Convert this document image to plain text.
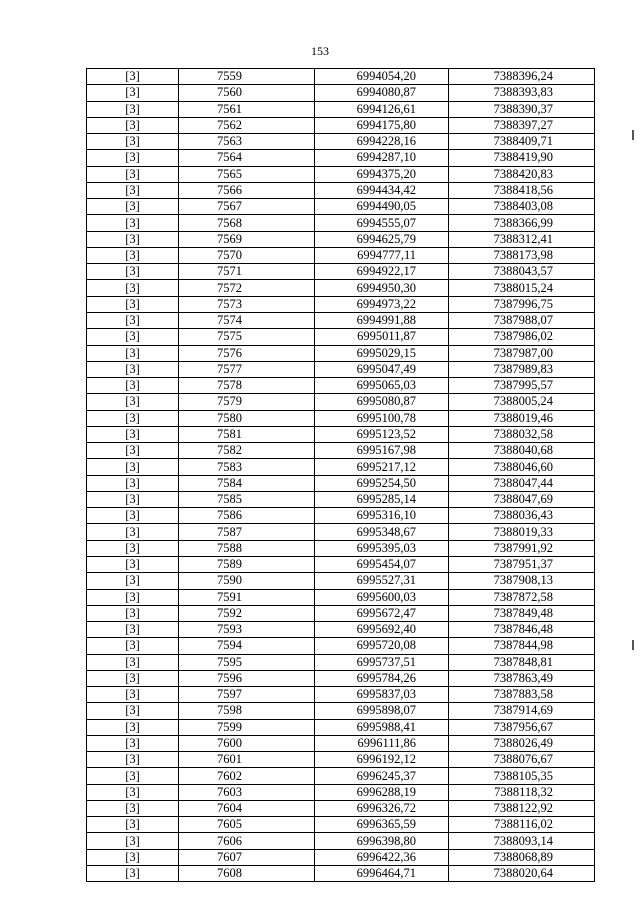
153
[3]	7559	6994054,20	7388396,24
[3]	7560	6994080,87	7388393,83
[3]	7561	6994126,61	7388390,37
[3]	7562	6994175,80	7388397,27
[3]	7563	6994228,16	7388409,71
[3]	7564	6994287,10	7388419,90
[3]	7565	6994375,20	7388420,83
[3]	7566	6994434,42	7388418,56
[3]	7567	6994490,05	7388403,08
[3]	7568	6994555,07	7388366,99
[3]	7569	6994625,79	7388312,41
[3]	7570	6994777,11	7388173,98
[3]	7571	6994922,17	7388043,57
[3]	7572	6994950,30	7388015,24
[3]	7573	6994973,22	7387996,75
[3]	7574	6994991,88	7387988,07
[3]	7575	6995011,87	7387986,02
[3]	7576	6995029,15	7387987,00
[3]	7577	6995047,49	7387989,83
[3]	7578	6995065,03	7387995,57
[3]	7579	6995080,87	7388005,24
[3]	7580	6995100,78	7388019,46
[3]	7581	6995123,52	7388032,58
[3]	7582	6995167,98	7388040,68
[3]	7583	6995217,12	7388046,60
[3]	7584	6995254,50	7388047,44
[3]	7585	6995285,14	7388047,69
[3]	7586	6995316,10	7388036,43
[3]	7587	6995348,67	7388019,33
[3]	7588	6995395,03	7387991,92
[3]	7589	6995454,07	7387951,37
[3]	7590	6995527,31	7387908,13
[3]	7591	6995600,03	7387872,58
[3]	7592	6995672,47	7387849,48
[3]	7593	6995692,40	7387846,48
[3]	7594	6995720,08	7387844,98
[3]	7595	6995737,51	7387848,81
[3]	7596	6995784,26	7387863,49
[3]	7597	6995837,03	7387883,58
[3]	7598	6995898,07	7387914,69
[3]	7599	6995988,41	7387956,67
[3]	7600	6996111,86	7388026,49
[3]	7601	6996192,12	7388076,67
[3]	7602	6996245,37	7388105,35
[3]	7603	6996288,19	7388118,32
[3]	7604	6996326,72	7388122,92
[3]	7605	6996365,59	7388116,02
[3]	7606	6996398,80	7388093,14
[3]	7607	6996422,36	7388068,89
[3]	7608	6996464,71	7388020,64
